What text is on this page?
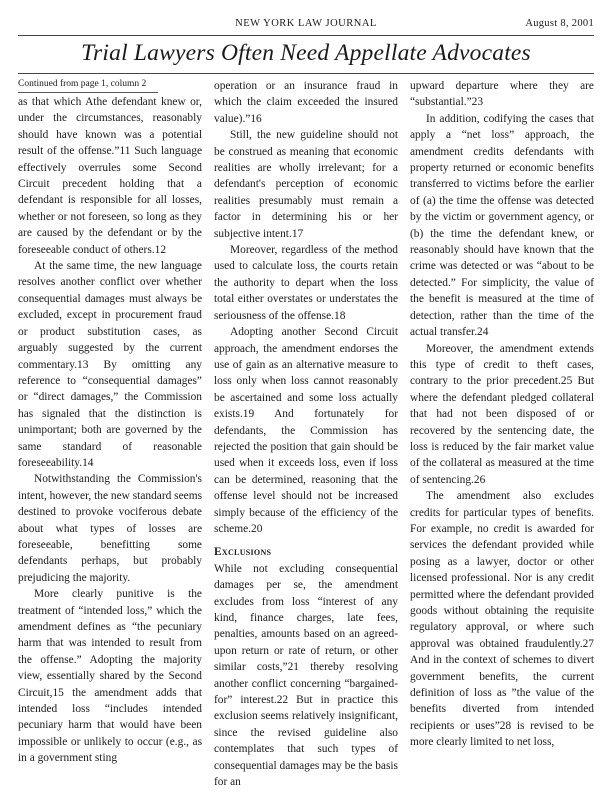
NEW YORK LAW JOURNAL	August 8, 2001
Trial Lawyers Often Need Appellate Advocates
Continued from page 1, column 2

as that which Athe defendant knew or, under the circumstances, reasonably should have known was a potential result of the offense.”11 Such language effectively overrules some Second Circuit precedent holding that a defendant is responsible for all losses, whether or not foreseen, so long as they are caused by the defendant or by the foreseeable conduct of others.12

At the same time, the new language resolves another conflict over whether consequential damages must always be excluded, except in procurement fraud or product substitution cases, as arguably suggested by the current commentary.13 By omitting any reference to “consequential damages” or “direct damages,” the Commission has signaled that the distinction is unimportant; both are governed by the same standard of reasonable foreseeability.14

Notwithstanding the Commission's intent, however, the new standard seems destined to provoke vociferous debate about what types of losses are foreseeable, benefitting some defendants perhaps, but probably prejudicing the majority.

More clearly punitive is the treatment of “intended loss,” which the amendment defines as “the pecuniary harm that was intended to result from the offense.” Adopting the majority view, essentially shared by the Second Circuit,15 the amendment adds that intended loss “includes intended pecuniary harm that would have been impossible or unlikely to occur (e.g., as in a government sting

operation or an insurance fraud in which the claim exceeded the insured value).”16

Still, the new guideline should not be construed as meaning that economic realities are wholly irrelevant; for a defendant's perception of economic realities presumably must remain a factor in determining his or her subjective intent.17

Moreover, regardless of the method used to calculate loss, the courts retain the authority to depart when the loss total either overstates or understates the seriousness of the offense.18

Adopting another Second Circuit approach, the amendment endorses the use of gain as an alternative measure to loss only when loss cannot reasonably be ascertained and some loss actually exists.19 And fortunately for defendants, the Commission has rejected the position that gain should be used when it exceeds loss, even if loss can be determined, reasoning that the offense level should not be increased simply because of the efficiency of the scheme.20

Exclusions

While not excluding consequential damages per se, the amendment excludes from loss “interest of any kind, finance charges, late fees, penalties, amounts based on an agreed-upon return or rate of return, or other similar costs,”21 thereby resolving another conflict concerning “bargained-for” interest.22 But in practice this exclusion seems relatively insignificant, since the revised guideline also contemplates that such types of consequential damages may be the basis for an

upward departure where they are “substantial.”23

In addition, codifying the cases that apply a “net loss” approach, the amendment credits defendants with property returned or economic benefits transferred to victims before the earlier of (a) the time the offense was detected by the victim or government agency, or (b) the time the defendant knew, or reasonably should have known that the crime was detected or was “about to be detected.” For simplicity, the value of the benefit is measured at the time of detection, rather than the time of the actual transfer.24

Moreover, the amendment extends this type of credit to theft cases, contrary to the prior precedent.25 But where the defendant pledged collateral that had not been disposed of or recovered by the sentencing date, the loss is reduced by the fair market value of the collateral as measured at the time of sentencing.26

The amendment also excludes credits for particular types of benefits. For example, no credit is awarded for services the defendant provided while posing as a lawyer, doctor or other licensed professional. Nor is any credit permitted where the defendant provided goods without obtaining the requisite regulatory approval, or where such approval was obtained fraudulently.27 And in the context of schemes to divert government benefits, the current definition of loss as ”the value of the benefits diverted from intended recipients or uses”28 is revised to be more clearly limited to net loss,
